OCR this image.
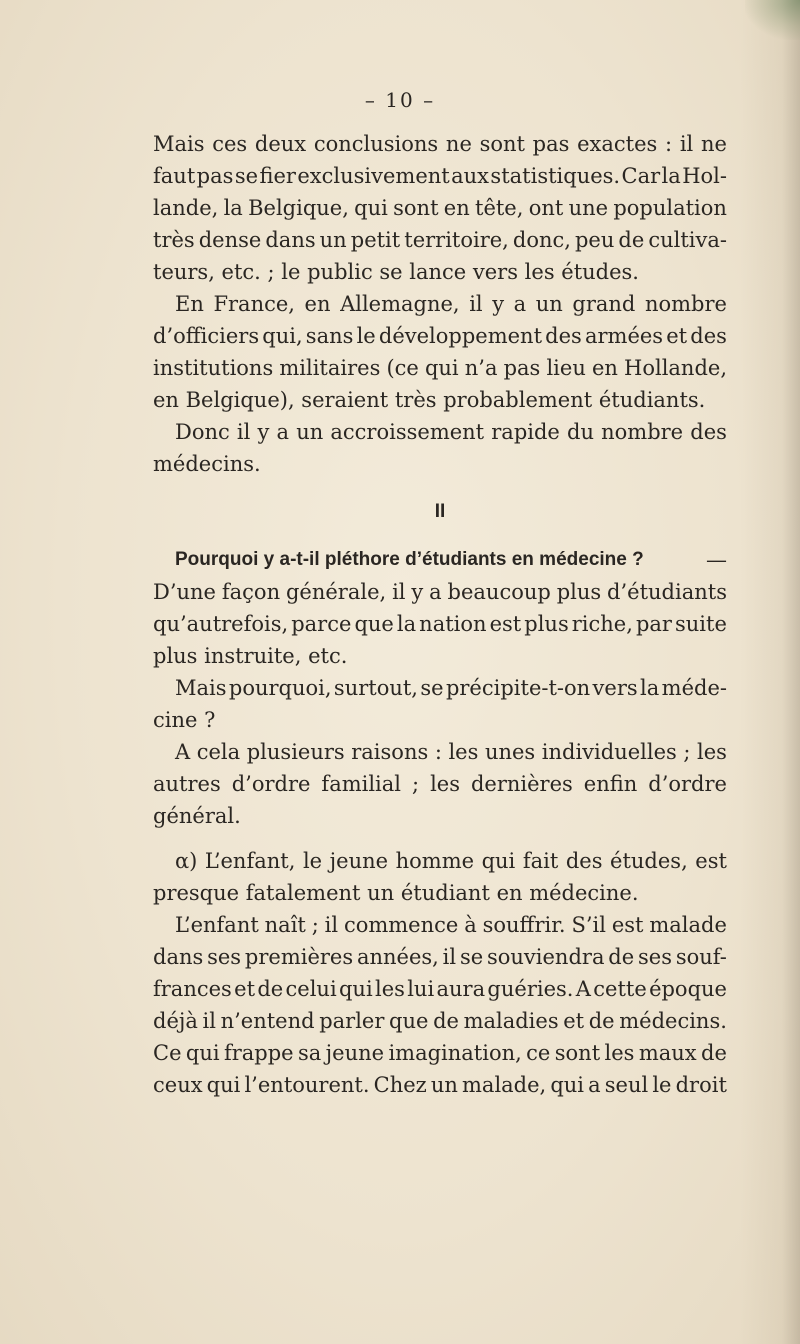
– 10 –
Mais ces deux conclusions ne sont pas exactes : il ne
faut pas se fier exclusivement aux statistiques. Car la Hol-
lande, la Belgique, qui sont en tête, ont une population
très dense dans un petit territoire, donc, peu de cultiva-
teurs, etc. ; le public se lance vers les études.
En France, en Allemagne, il y a un grand nombre
d’officiers qui, sans le développement des armées et des
institutions militaires (ce qui n’a pas lieu en Hollande,
en Belgique), seraient très probablement étudiants.
Donc il y a un accroissement rapide du nombre des
médecins.
II
Pourquoi y a-t-il pléthore d’étudiants en médecine ?	—
D’une façon générale, il y a beaucoup plus d’étudiants
qu’autrefois, parce que la nation est plus riche, par suite
plus instruite, etc.
Mais pourquoi, surtout, se précipite-t-on vers la méde-
cine ?
A cela plusieurs raisons : les unes individuelles ; les
autres d’ordre familial ; les dernières enfin d’ordre
général.
α) L’enfant, le jeune homme qui fait des études, est
presque fatalement un étudiant en médecine.
L’enfant naît ; il commence à souffrir. S’il est malade
dans ses premières années, il se souviendra de ses souf-
frances et de celui qui les lui aura guéries. A cette époque
déjà il n’entend parler que de maladies et de médecins.
Ce qui frappe sa jeune imagination, ce sont les maux de
ceux qui l’entourent. Chez un malade, qui a seul le droit
